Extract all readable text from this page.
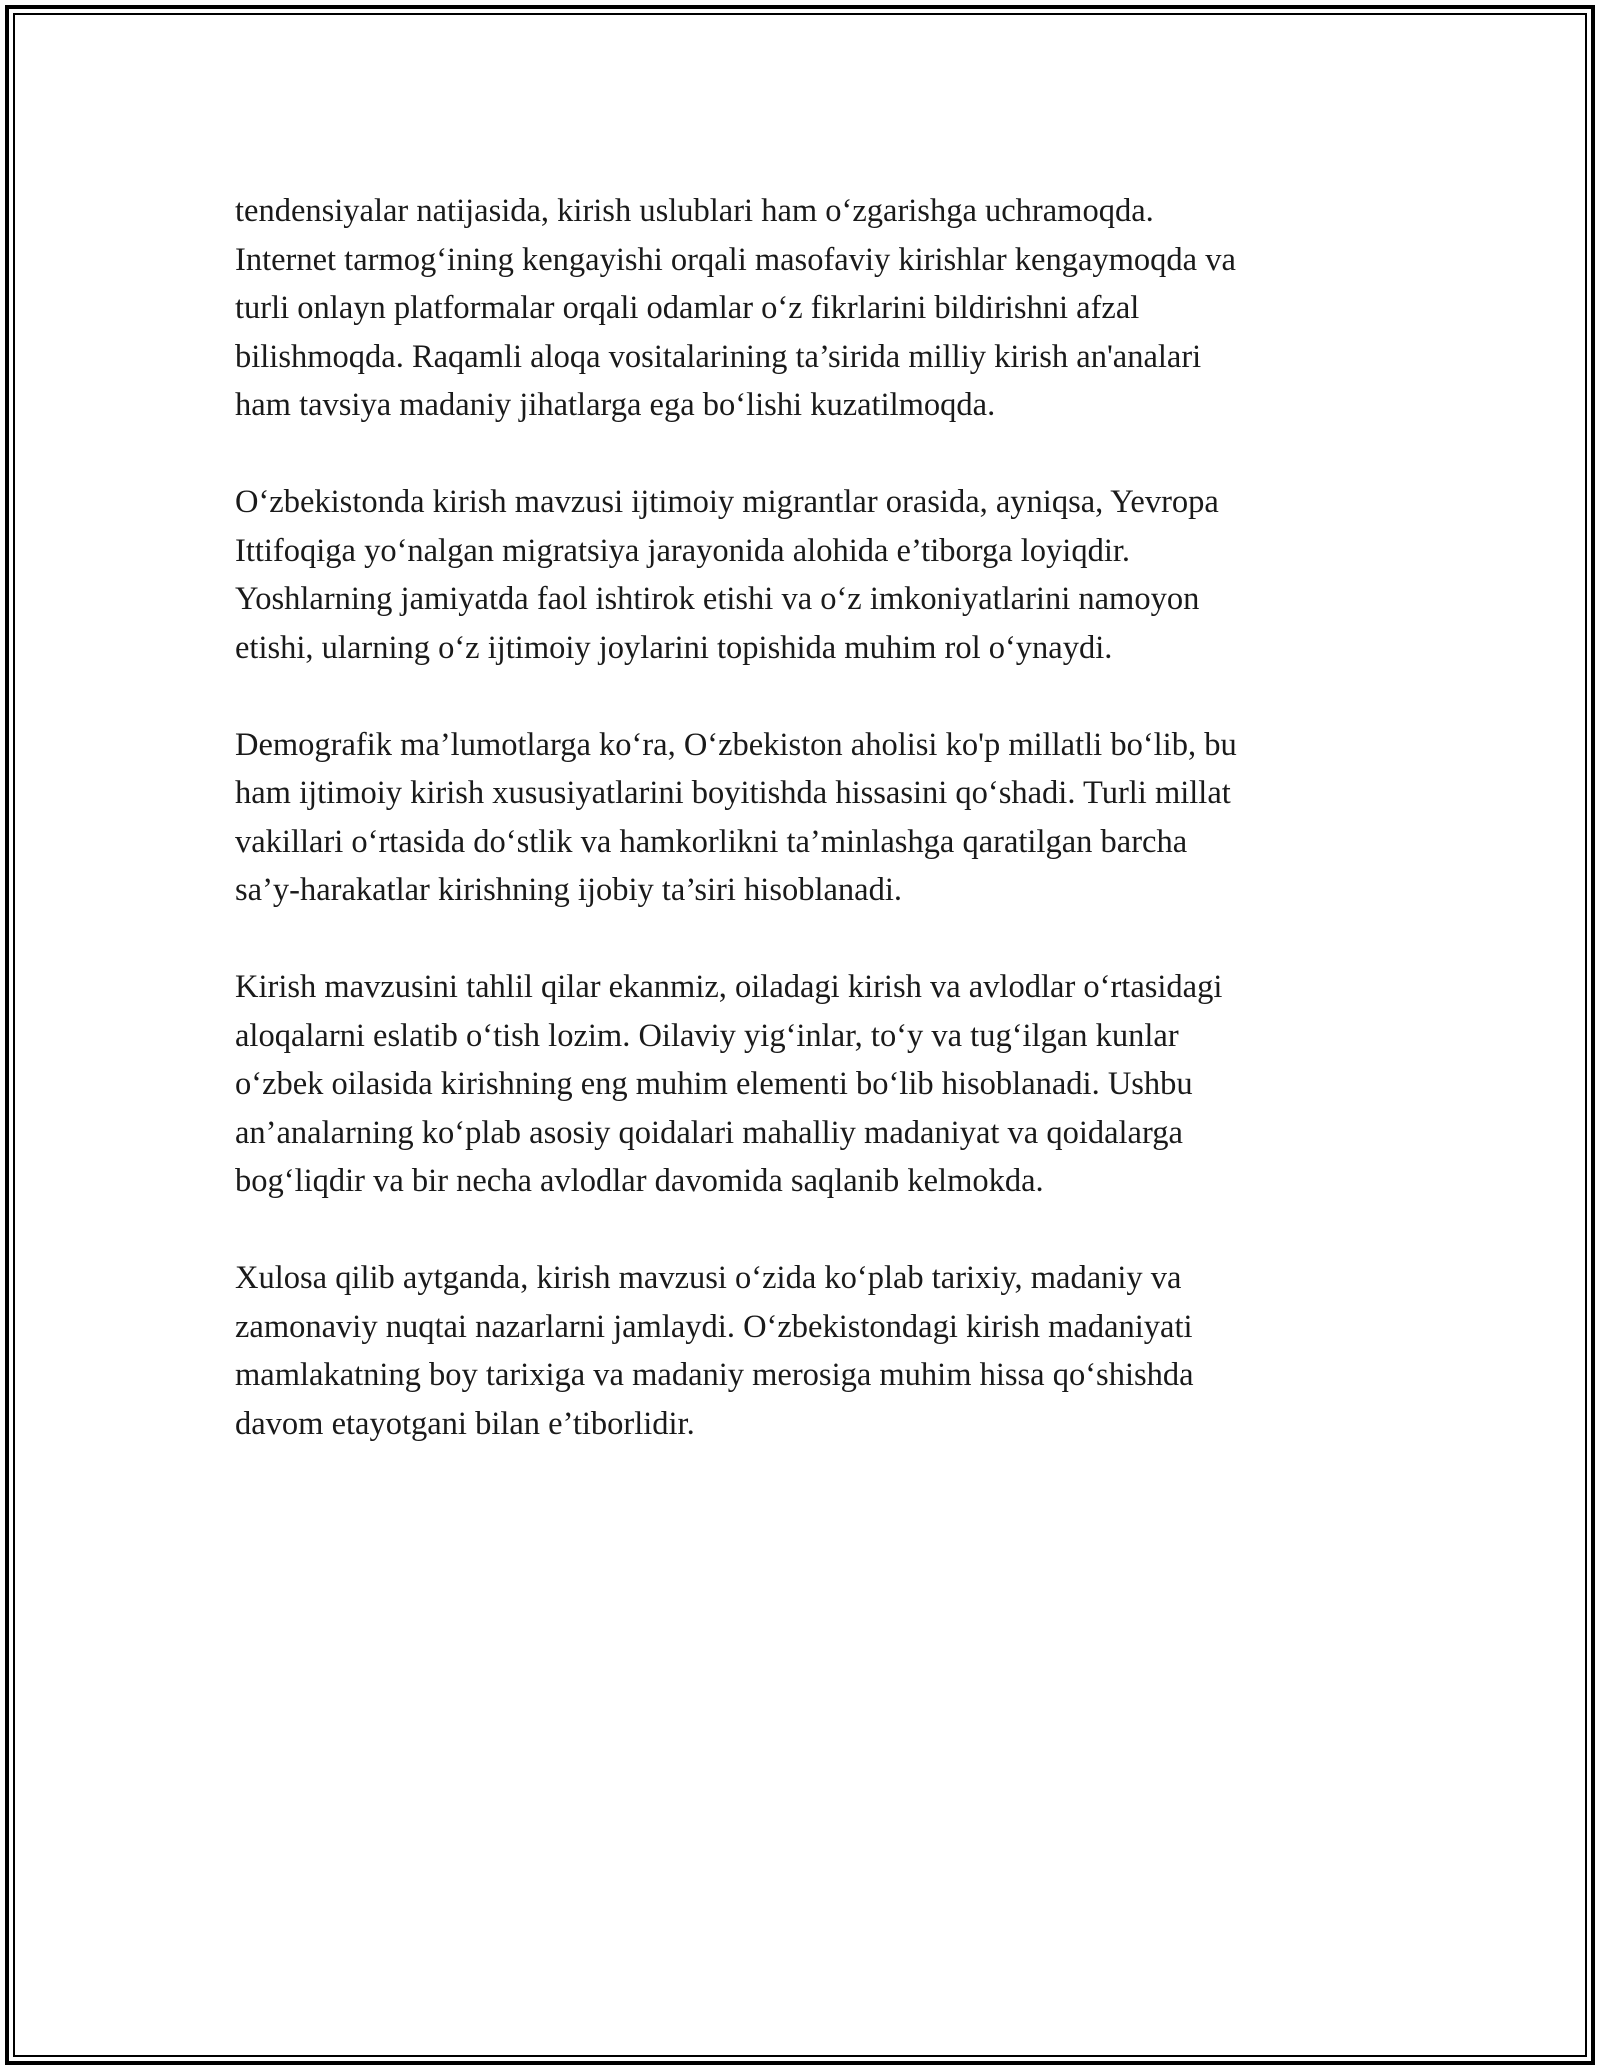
tendensiyalar natijasida, kirish uslublari ham o‘zgarishga uchramoqda.
Internet tarmog‘ining kengayishi orqali masofaviy kirishlar kengaymoqda va
turli onlayn platformalar orqali odamlar o‘z fikrlarini bildirishni afzal
bilishmoqda. Raqamli aloqa vositalarining ta’sirida milliy kirish an'analari
ham tavsiya madaniy jihatlarga ega bo‘lishi kuzatilmoqda.

O‘zbekistonda kirish mavzusi ijtimoiy migrantlar orasida, ayniqsa, Yevropa
Ittifoqiga yo‘nalgan migratsiya jarayonida alohida e’tiborga loyiqdir.
Yoshlarning jamiyatda faol ishtirok etishi va o‘z imkoniyatlarini namoyon
etishi, ularning o‘z ijtimoiy joylarini topishida muhim rol o‘ynaydi.

Demografik ma’lumotlarga ko‘ra, O‘zbekiston aholisi ko'p millatli bo‘lib, bu
ham ijtimoiy kirish xususiyatlarini boyitishda hissasini qo‘shadi. Turli millat
vakillari o‘rtasida do‘stlik va hamkorlikni ta’minlashga qaratilgan barcha
sa’y-harakatlar kirishning ijobiy ta’siri hisoblanadi.

Kirish mavzusini tahlil qilar ekanmiz, oiladagi kirish va avlodlar o‘rtasidagi
aloqalarni eslatib o‘tish lozim. Oilaviy yig‘inlar, to‘y va tug‘ilgan kunlar
o‘zbek oilasida kirishning eng muhim elementi bo‘lib hisoblanadi. Ushbu
an’analarning ko‘plab asosiy qoidalari mahalliy madaniyat va qoidalarga
bog‘liqdir va bir necha avlodlar davomida saqlanib kelmokda.

Xulosa qilib aytganda, kirish mavzusi o‘zida ko‘plab tarixiy, madaniy va
zamonaviy nuqtai nazarlarni jamlaydi. O‘zbekistondagi kirish madaniyati
mamlakatning boy tarixiga va madaniy merosiga muhim hissa qo‘shishda
davom etayotgani bilan e’tiborlidir.
